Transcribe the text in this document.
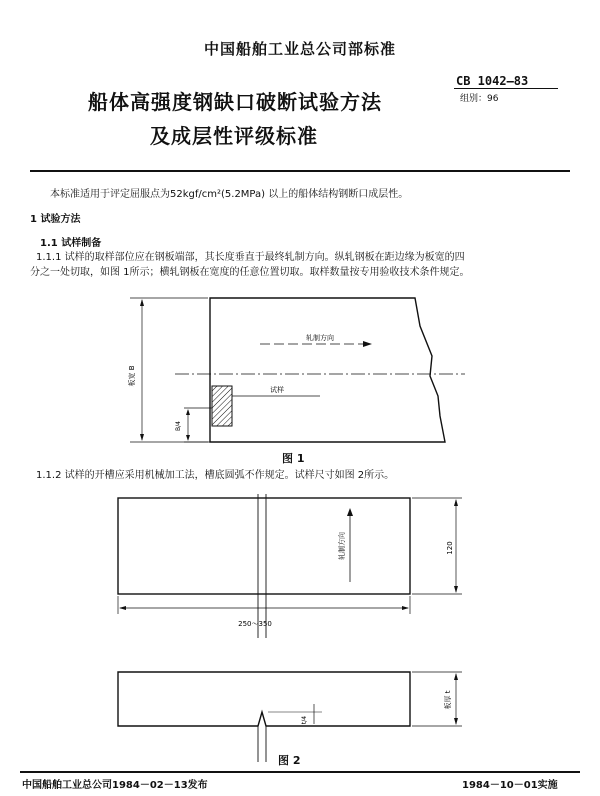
中国船舶工业总公司部标准
船体高强度钢缺口破断试验方法
及成层性评级标准
CB 1042—83
组别：96
本标准适用于评定屈服点为52kgf/cm²(5.2MPa) 以上的船体结构钢断口成层性。
1 试验方法
1.1 试样制备
1.1.1 试样的取样部位应在钢板端部，其长度垂直于最终轧制方向。纵轧钢板在距边缘为板宽的四
分之一处切取，如图 1所示；横轧钢板在宽度的任意位置切取。取样数量按专用验收技术条件规定。
板宽 B
轧制方向
试样
B/4
图 1
1.1.2 试样的开槽应采用机械加工法，槽底圆弧不作规定。试样尺寸如图 2所示。
轧制方向	120
250～350
t/4
板厚 t
图 2
中国船舶工业总公司1984－02－13发布	1984－10－01实施
